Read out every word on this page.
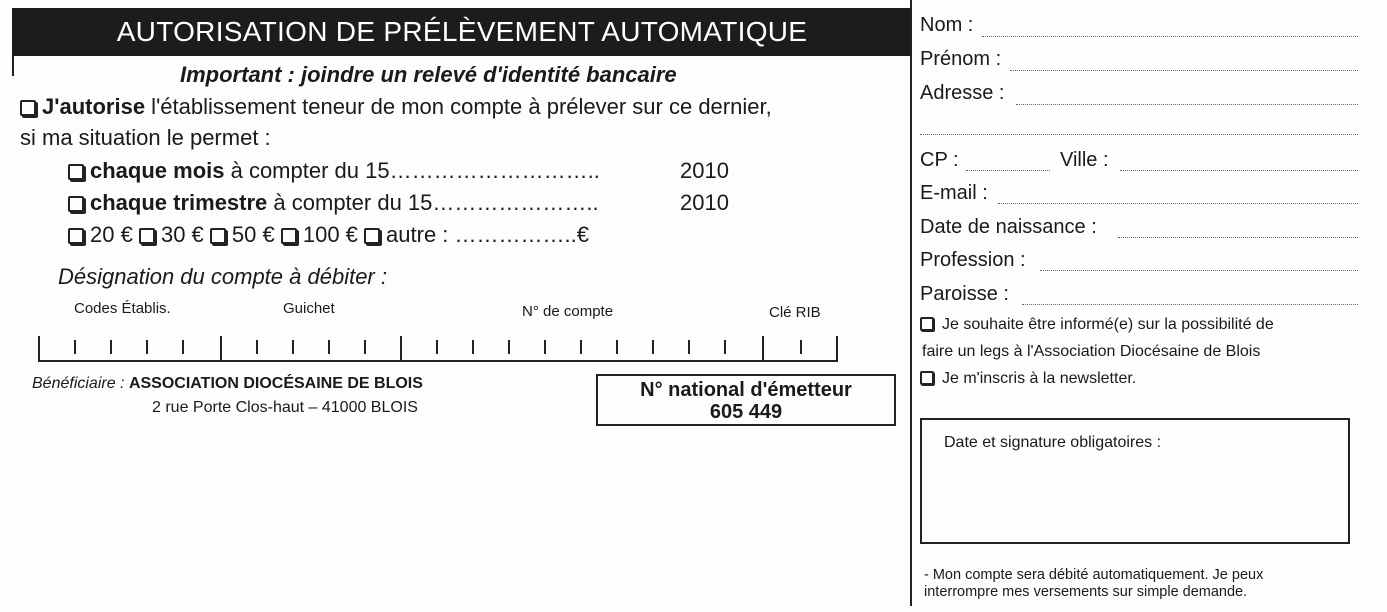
AUTORISATION DE PRÉLÈVEMENT AUTOMATIQUE
Important : joindre un relevé d'identité bancaire
J'autorise l'établissement teneur de mon compte à prélever sur ce dernier,
si ma situation le permet :
chaque mois à compter du 15………………………..	2010
chaque trimestre à compter du 15…………………..	2010
20 € 30 € 50 € 100 € autre : ……………..€
Désignation du compte à débiter :
Codes Établis.	Guichet	N° de compte	Clé RIB
Bénéficiaire : ASSOCIATION DIOCÉSAINE DE BLOIS
2 rue Porte Clos-haut – 41000 BLOIS
N° national d'émetteur
605 449
Nom :
Prénom :
Adresse :
CP :	Ville :
E-mail :
Date de naissance :
Profession :
Paroisse :
Je souhaite être informé(e) sur la possibilité de
faire un legs à l'Association Diocésaine de Blois
Je m'inscris à la newsletter.
Date et signature obligatoires :
- Mon compte sera débité automatiquement. Je peux
interrompre mes versements sur simple demande.
